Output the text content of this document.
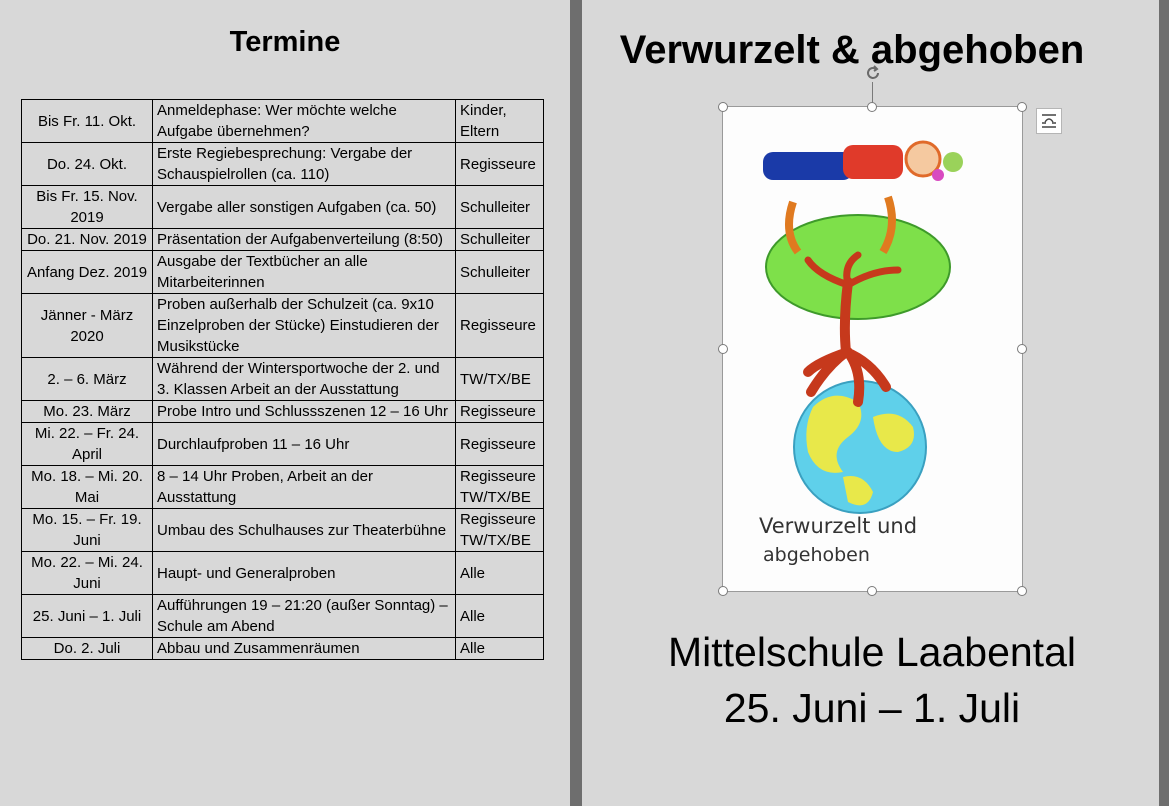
Termine
Bis Fr. 11. Okt.	Anmeldephase: Wer möchte welche Aufgabe übernehmen?	Kinder, Eltern
Do. 24. Okt.	Erste Regiebesprechung: Vergabe der Schauspielrollen (ca. 110)	Regisseure
Bis Fr. 15. Nov. 2019	Vergabe aller sonstigen Aufgaben (ca. 50)	Schulleiter
Do. 21. Nov. 2019	Präsentation der Aufgabenverteilung (8:50)	Schulleiter
Anfang Dez. 2019	Ausgabe der Textbücher an alle Mitarbeiterinnen	Schulleiter
Jänner - März 2020	Proben außerhalb der Schulzeit (ca. 9x10 Einzelproben der Stücke) Einstudieren der Musikstücke	Regisseure
2. – 6. März	Während der Wintersportwoche der 2. und 3. Klassen Arbeit an der Ausstattung	TW/TX/BE
Mo. 23. März	Probe Intro und Schlussszenen 12 – 16 Uhr	Regisseure
Mi. 22. – Fr. 24. April	Durchlaufproben 11 – 16 Uhr	Regisseure
Mo. 18. – Mi. 20. Mai	8 – 14 Uhr Proben, Arbeit an der Ausstattung	Regisseure TW/TX/BE
Mo. 15. – Fr. 19. Juni	Umbau des Schulhauses zur Theaterbühne	Regisseure TW/TX/BE
Mo. 22. – Mi. 24. Juni	Haupt- und Generalproben	Alle
25. Juni – 1. Juli	Aufführungen 19 – 21:20 (außer Sonntag) – Schule am Abend	Alle
Do. 2. Juli	Abbau und Zusammenräumen	Alle
Verwurzelt & abgehoben
Verwurzelt und
abgehoben
Mittelschule Laabental
25. Juni – 1. Juli
